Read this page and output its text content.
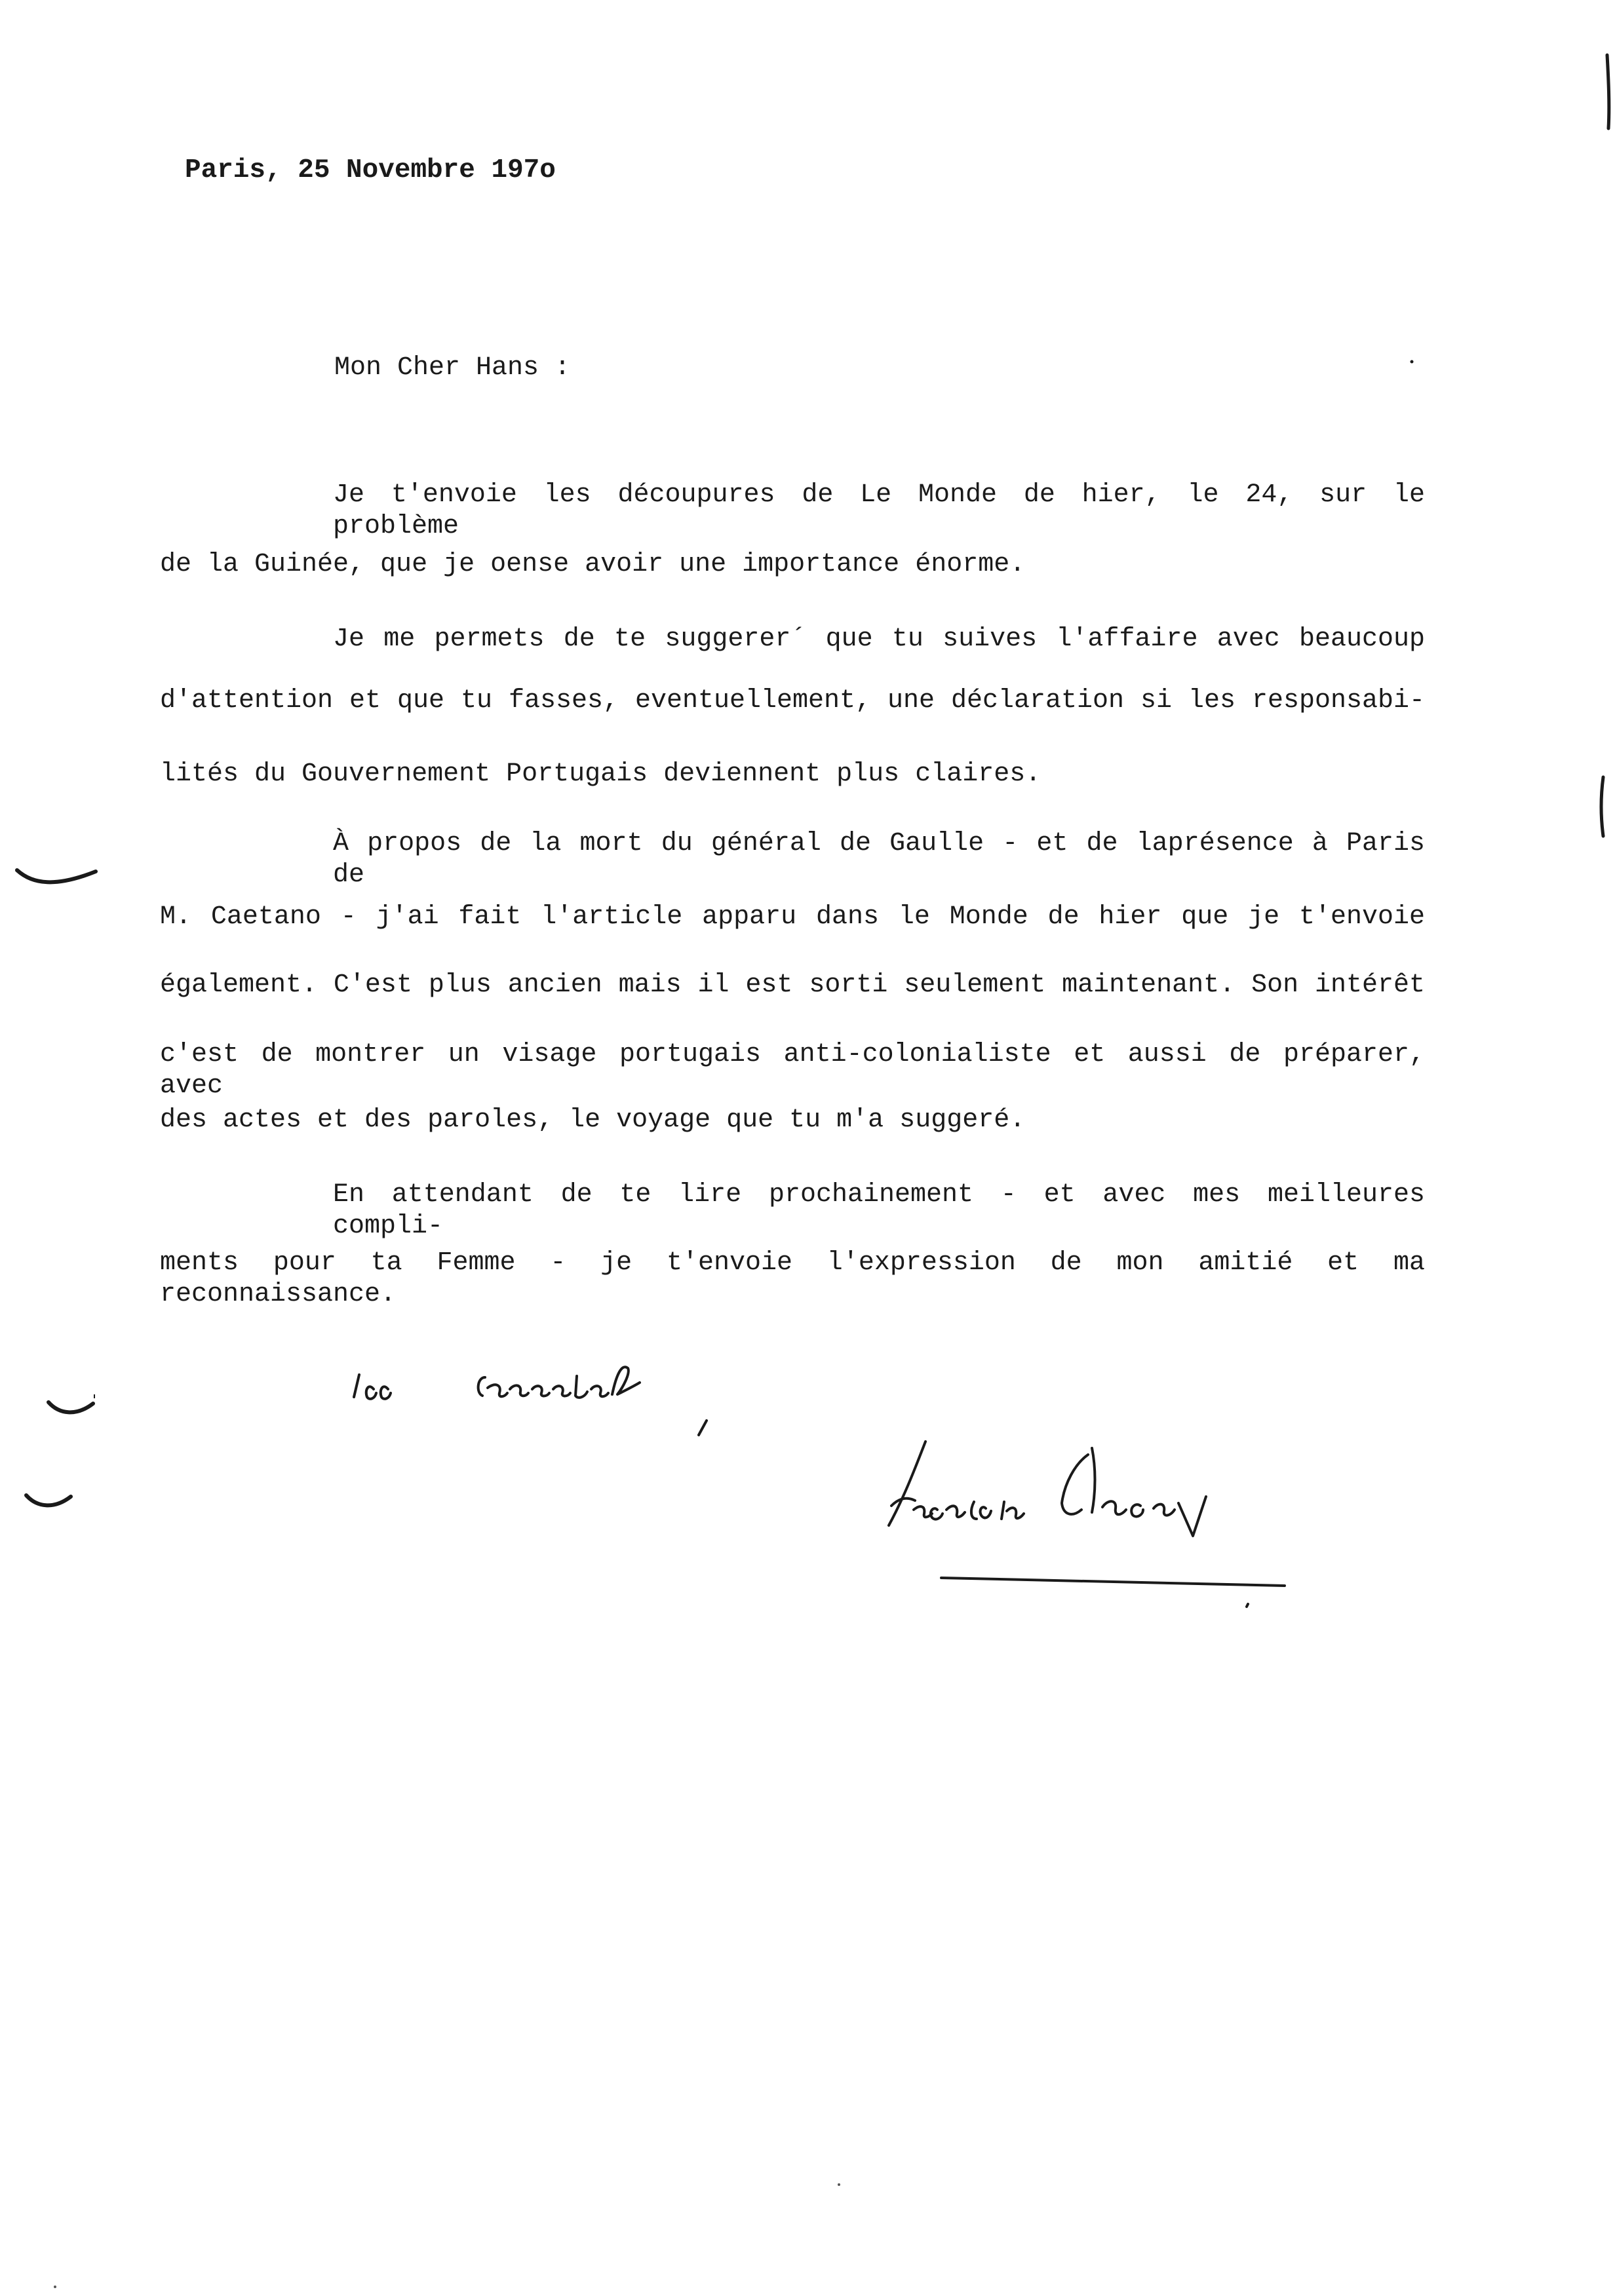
Paris, 25 Novembre 197o
Mon Cher Hans :
Je t'envoie les découpures de Le Monde de hier, le 24, sur le problème
de la Guinée, que je oense avoir une importance énorme.
Je me permets de te suggerer´ que tu suives l'affaire avec beaucoup
d'attention et que tu fasses, eventuellement, une déclaration si les responsabi-
lités du Gouvernement Portugais deviennent plus claires.
À propos de la mort du général de Gaulle - et de laprésence à Paris de
M. Caetano - j'ai fait l'article apparu dans le Monde de hier que je t'envoie
également. C'est plus ancien mais il est sorti seulement maintenant. Son intérêt
c'est de montrer un visage portugais anti-colonialiste et aussi de préparer, avec
des actes et des paroles, le voyage que tu m'a suggeré.
En attendant de te lire prochainement - et avec mes meilleures compli-
ments pour ta Femme - je t'envoie l'expression de mon amitié et ma reconnaissance.
